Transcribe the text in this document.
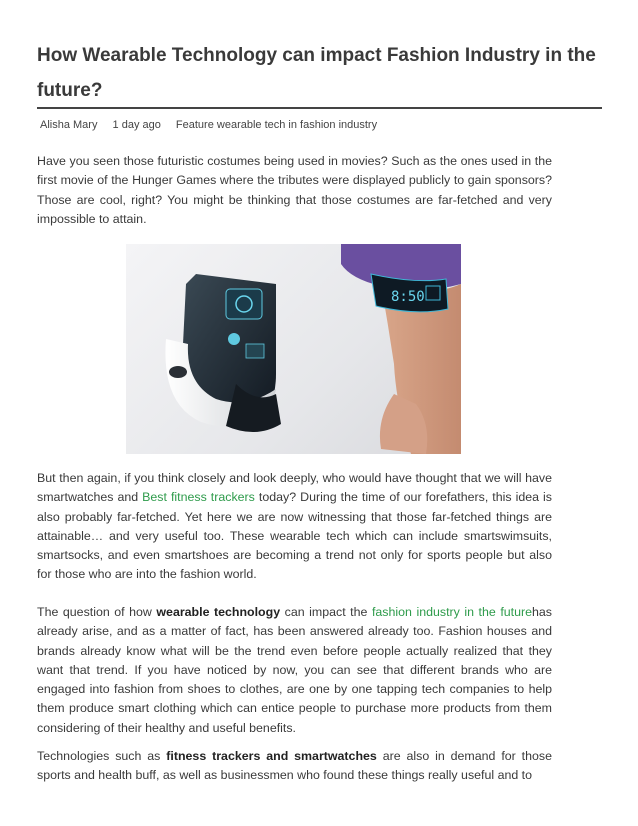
How Wearable Technology can impact Fashion Industry in the future?
Alisha Mary 1 day ago Feature wearable tech in fashion industry

Have you seen those futuristic costumes being used in movies? Such as the ones used in the first movie of the Hunger Games where the tributes were displayed publicly to gain sponsors? Those are cool, right? You might be thinking that those costumes are far-fetched and very impossible to attain.

8:50

But then again, if you think closely and look deeply, who would have thought that we will have smartwatches and Best fitness trackers today? During the time of our forefathers, this idea is also probably far-fetched. Yet here we are now witnessing that those far-fetched things are attainable… and very useful too. These wearable tech which can include smartswimsuits, smartsocks, and even smartshoes are becoming a trend not only for sports people but also for those who are into the fashion world.

The question of how wearable technology can impact the fashion industry in the futurehas already arise, and as a matter of fact, has been answered already too. Fashion houses and brands already know what will be the trend even before people actually realized that they want that trend. If you have noticed by now, you can see that different brands who are engaged into fashion from shoes to clothes, are one by one tapping tech companies to help them produce smart clothing which can entice people to purchase more products from them considering of their healthy and useful benefits.

Technologies such as fitness trackers and smartwatches are also in demand for those sports and health buff, as well as businessmen who found these things really useful and to
